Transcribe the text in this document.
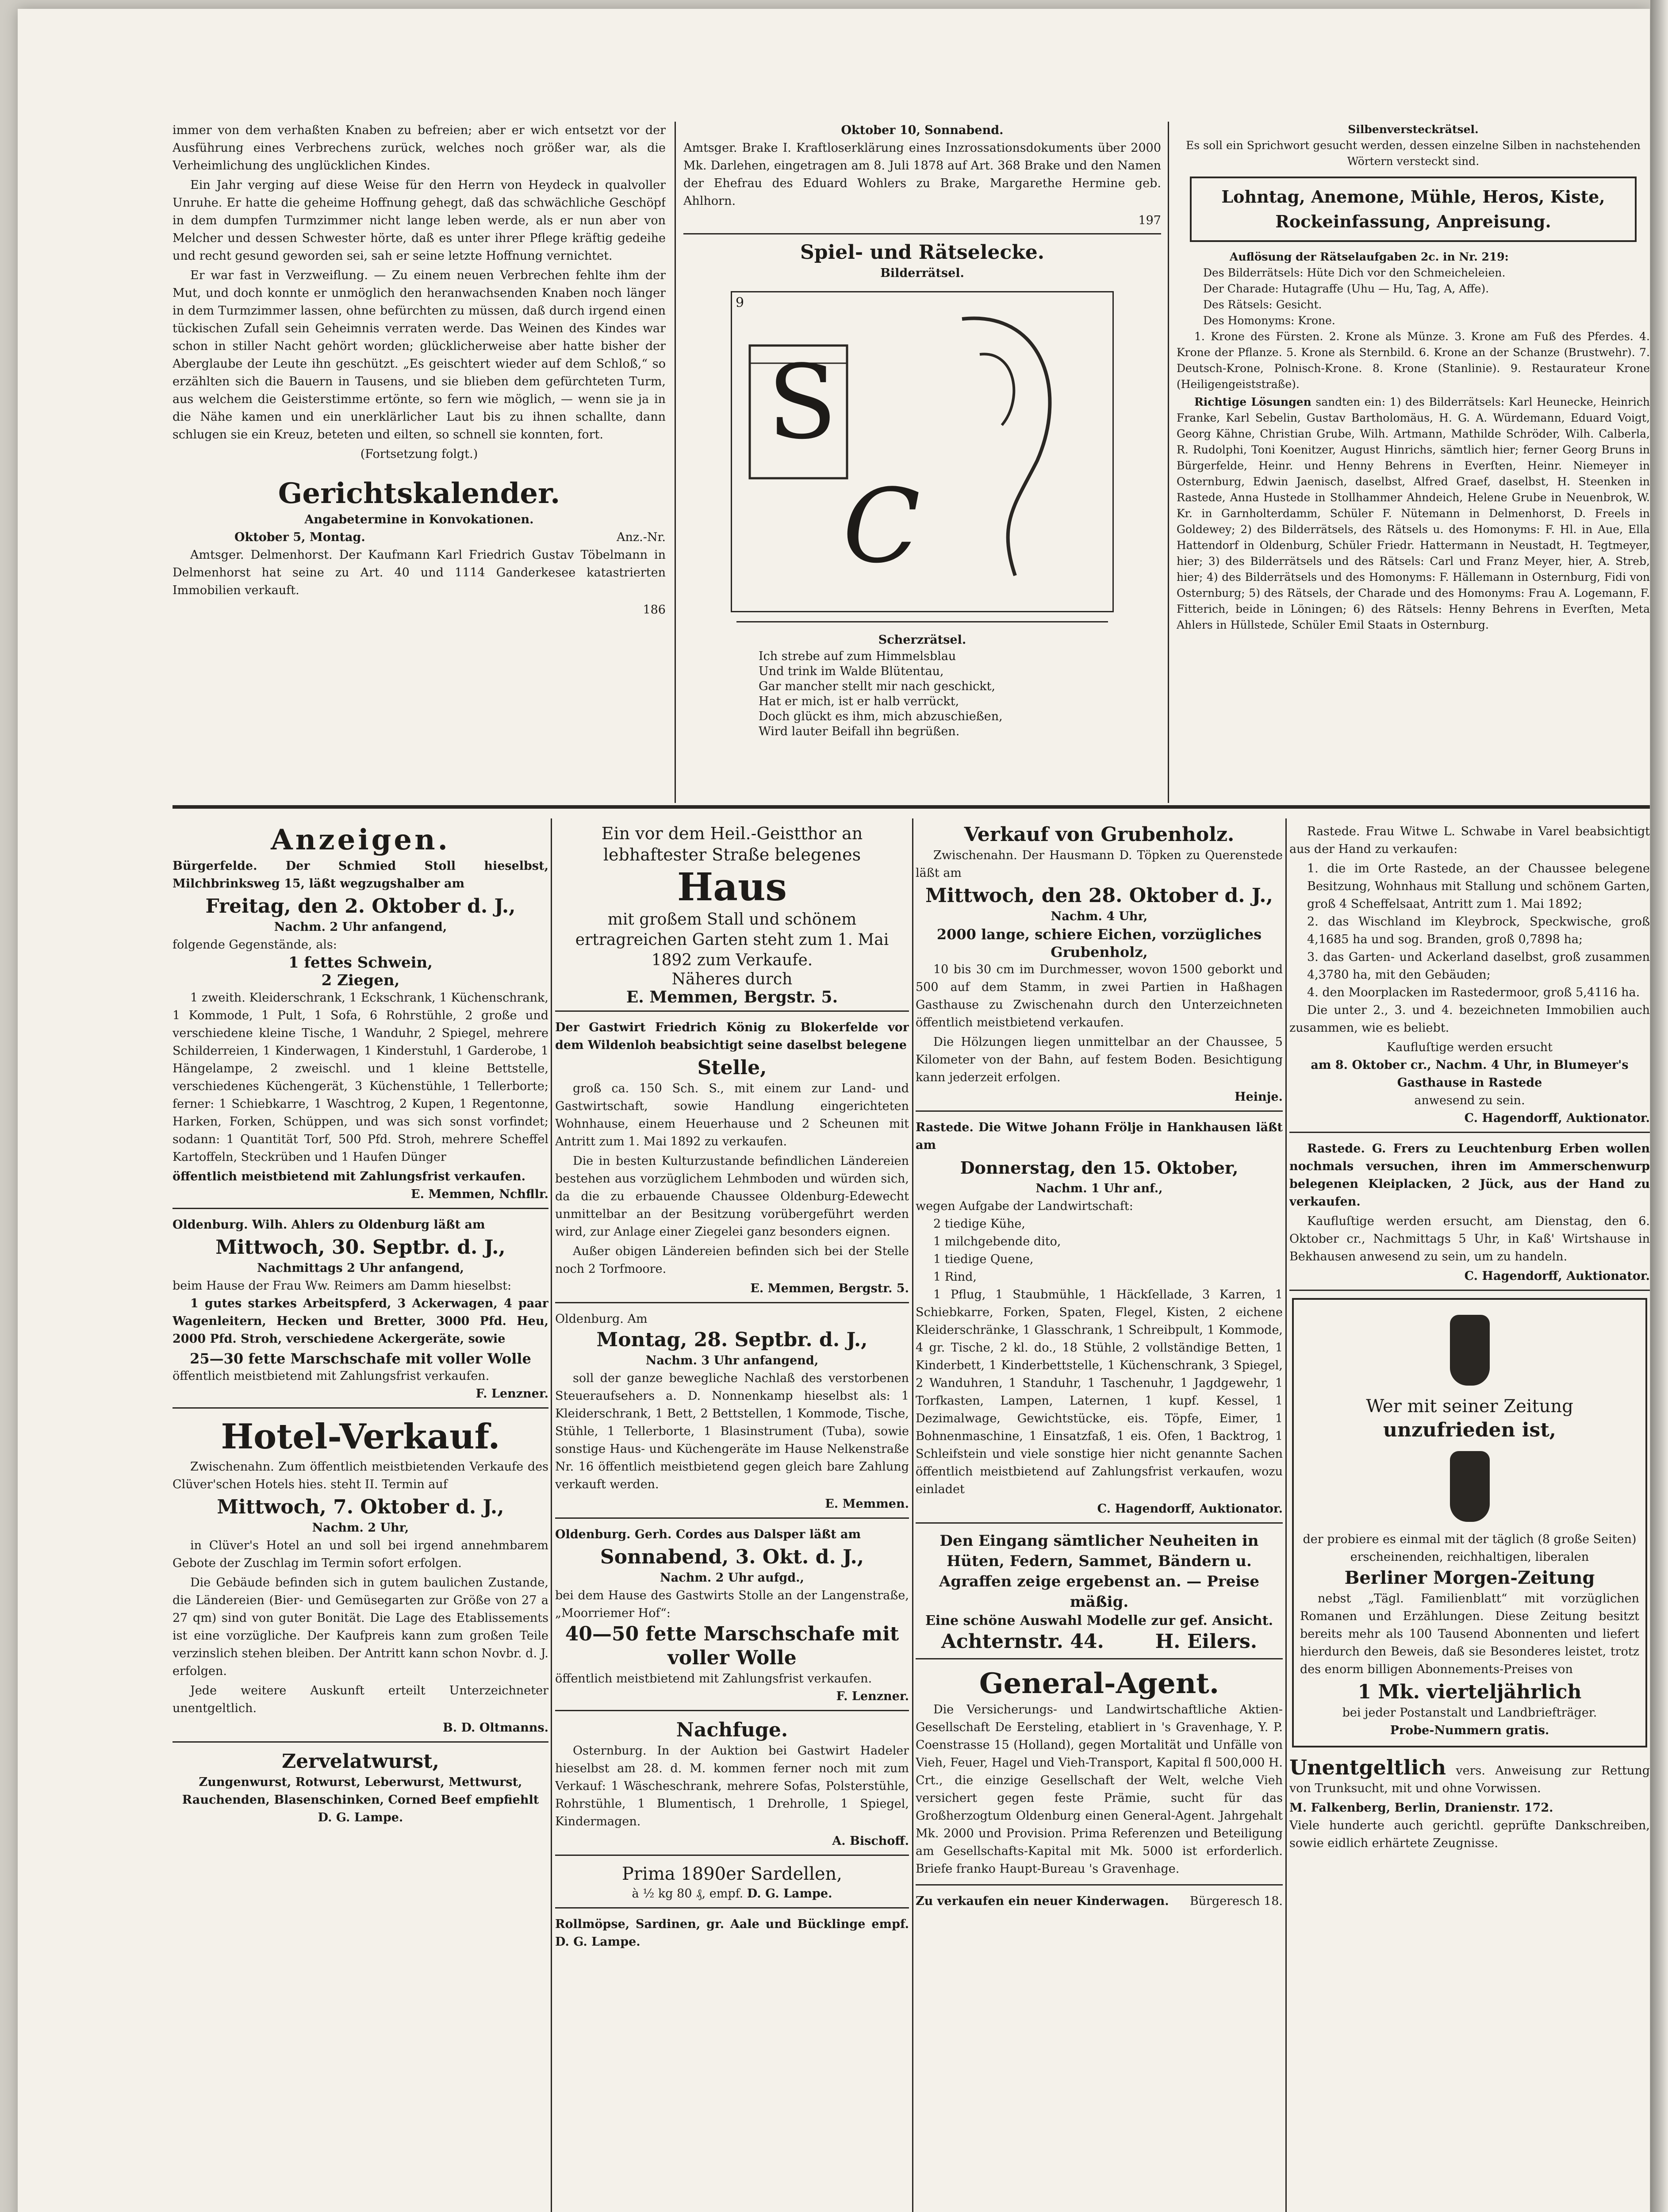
immer von dem verhaßten Knaben zu befreien; aber er wich entsetzt vor der Ausführung eines Verbrechens zurück, welches noch größer war, als die Verheimlichung des unglücklichen Kindes.

Ein Jahr verging auf diese Weise für den Herrn von Heydeck in qualvoller Unruhe. Er hatte die geheime Hoffnung gehegt, daß das schwächliche Geschöpf in dem dumpfen Turmzimmer nicht lange leben werde, als er nun aber von Melcher und dessen Schwester hörte, daß es unter ihrer Pflege kräftig gedeihe und recht gesund geworden sei, sah er seine letzte Hoffnung vernichtet.

Er war fast in Verzweiflung. — Zu einem neuen Verbrechen fehlte ihm der Mut, und doch konnte er unmöglich den heranwachsenden Knaben noch länger in dem Turmzimmer lassen, ohne befürchten zu müssen, daß durch irgend einen tückischen Zufall sein Geheimnis verraten werde. Das Weinen des Kindes war schon in stiller Nacht gehört worden; glücklicherweise aber hatte bisher der Aberglaube der Leute ihn geschützt. „Es geischtert wieder auf dem Schloß,“ so erzählten sich die Bauern in Tausens, und sie blieben dem gefürchteten Turm, aus welchem die Geisterstimme ertönte, so fern wie möglich, — wenn sie ja in die Nähe kamen und ein unerklärlicher Laut bis zu ihnen schallte, dann schlugen sie ein Kreuz, beteten und eilten, so schnell sie konnten, fort.

(Fortsetzung folgt.)
Gerichtskalender.
Angabetermine in Konvokationen.
Oktober 5, Montag.	Anz.-Nr.

Amtsger. Delmenhorst. Der Kaufmann Karl Friedrich Gustav Töbelmann in Delmenhorst hat seine zu Art. 40 und 1114 Ganderkesee katastrierten Immobilien verkauft.

186
Oktober 10, Sonnabend.

Amtsger. Brake I. Kraftloserklärung eines Inzrossationsdokuments über 2000 Mk. Darlehen, eingetragen am 8. Juli 1878 auf Art. 368 Brake und den Namen der Ehefrau des Eduard Wohlers zu Brake, Margarethe Hermine geb. Ahlhorn.

197
Spiel- und Rätselecke.
Bilderrätsel.
9
S
C
Scherzrätsel.
Ich strebe auf zum Himmelsblau
Und trink im Walde Blütentau,
Gar mancher stellt mir nach geschickt,
Hat er mich, ist er halb verrückt,
Doch glückt es ihm, mich abzuschießen,
Wird lauter Beifall ihn begrüßen.
Silbenversteckrätsel.
Es soll ein Sprichwort gesucht werden, dessen einzelne Silben in nachstehenden Wörtern versteckt sind.
Lohntag, Anemone, Mühle, Heros, Kiste, Rockeinfassung, Anpreisung.
Auflösung der Rätselaufgaben 2c. in Nr. 219:
Des Bilderrätsels: Hüte Dich vor den Schmeicheleien.
Der Charade: Hutagraffe (Uhu — Hu, Tag, A, Affe).
Des Rätsels: Gesicht.
Des Homonyms: Krone.

1. Krone des Fürsten. 2. Krone als Münze. 3. Krone am Fuß des Pferdes. 4. Krone der Pflanze. 5. Krone als Sternbild. 6. Krone an der Schanze (Brustwehr). 7. Deutsch-Krone, Polnisch-Krone. 8. Krone (Stanlinie). 9. Restaurateur Krone (Heiligengeiststraße).

Richtige Lösungen sandten ein: 1) des Bilderrätsels: Karl Heunecke, Heinrich Franke, Karl Sebelin, Gustav Bartholomäus, H. G. A. Würdemann, Eduard Voigt, Georg Kähne, Christian Grube, Wilh. Artmann, Mathilde Schröder, Wilh. Calberla, R. Rudolphi, Toni Koenitzer, August Hinrichs, sämtlich hier; ferner Georg Bruns in Bürgerfelde, Heinr. und Henny Behrens in Everſten, Heinr. Niemeyer in Osternburg, Edwin Jaenisch, daselbst, Alfred Graef, daselbst, H. Steenken in Rastede, Anna Hustede in Stollhammer Ahndeich, Helene Grube in Neuenbrok, W. Kr. in Garnholterdamm, Schüler F. Nütemann in Delmenhorst, D. Freels in Goldewey; 2) des Bilderrätsels, des Rätsels u. des Homonyms: F. Hl. in Aue, Ella Hattendorf in Oldenburg, Schüler Friedr. Hattermann in Neustadt, H. Tegtmeyer, hier; 3) des Bilderrätsels und des Rätsels: Carl und Franz Meyer, hier, A. Streb, hier; 4) des Bilderrätsels und des Homonyms: F. Hällemann in Osternburg, Fidi von Osternburg; 5) des Rätsels, der Charade und des Homonyms: Frau A. Logemann, F. Fitterich, beide in Löningen; 6) des Rätsels: Henny Behrens in Everſten, Meta Ahlers in Hüllstede, Schüler Emil Staats in Osternburg.

Anzeigen.

Bürgerfelde. Der Schmied Stoll hieselbst, Milchbrinksweg 15, läßt wegzugshalber am

Freitag, den 2. Oktober d. J.,
Nachm. 2 Uhr anfangend,
folgende Gegenstände, als:
1 fettes Schwein,
2 Ziegen,

1 zweith. Kleiderschrank, 1 Eckschrank, 1 Küchenschrank, 1 Kommode, 1 Pult, 1 Sofa, 6 Rohrstühle, 2 große und verschiedene kleine Tische, 1 Wanduhr, 2 Spiegel, mehrere Schilderreien, 1 Kinderwagen, 1 Kinderstuhl, 1 Garderobe, 1 Hängelampe, 2 zweischl. und 1 kleine Bettstelle, verschiedenes Küchengerät, 3 Küchenstühle, 1 Tellerborte; ferner: 1 Schiebkarre, 1 Waschtrog, 2 Kupen, 1 Regentonne, Harken, Forken, Schüppen, und was sich sonst vorfindet; sodann: 1 Quantität Torf, 500 Pfd. Stroh, mehrere Scheffel Kartoffeln, Steckrüben und 1 Haufen Dünger

öffentlich meistbietend mit Zahlungsfrist verkaufen.
E. Memmen, Nchfllr.

Oldenburg. Wilh. Ahlers zu Oldenburg läßt am

Mittwoch, 30. Septbr. d. J.,
Nachmittags 2 Uhr anfangend,
beim Hause der Frau Ww. Reimers am Damm hieselbst:

1 gutes starkes Arbeitspferd, 3 Ackerwagen, 4 paar Wagenleitern, Hecken und Bretter, 3000 Pfd. Heu, 2000 Pfd. Stroh, verschiedene Ackergeräte, sowie

25—30 fette Marschschafe mit voller Wolle
öffentlich meistbietend mit Zahlungsfrist verkaufen.
F. Lenzner.
Hotel-Verkauf.

Zwischenahn. Zum öffentlich meistbietenden Verkaufe des Clüver'schen Hotels hies. steht II. Termin auf

Mittwoch, 7. Oktober d. J.,
Nachm. 2 Uhr,

in Clüver's Hotel an und soll bei irgend annehmbarem Gebote der Zuschlag im Termin sofort erfolgen.

Die Gebäude befinden sich in gutem baulichen Zustande, die Ländereien (Bier- und Gemüsegarten zur Größe von 27 a 27 qm) sind von guter Bonität. Die Lage des Etablissements ist eine vorzügliche. Der Kaufpreis kann zum großen Teile verzinslich stehen bleiben. Der Antritt kann schon Novbr. d. J. erfolgen.

Jede weitere Auskunft erteilt Unterzeichneter unentgeltlich.

B. D. Oltmanns.
Zervelatwurst,
Zungenwurst, Rotwurst, Leberwurst, Mettwurst, Rauchenden, Blasenschinken, Corned Beef empfiehlt
D. G. Lampe.
Ein vor dem Heil.-Geistthor an lebhaftester Straße belegenes
Haus
mit großem Stall und schönem ertragreichen Garten steht zum 1. Mai 1892 zum Verkaufe.
Näheres durch
E. Memmen, Bergstr. 5.

Der Gastwirt Friedrich König zu Blokerfelde vor dem Wildenloh beabsichtigt seine daselbst belegene

Stelle,

groß ca. 150 Sch. S., mit einem zur Land- und Gastwirtschaft, sowie Handlung eingerichteten Wohnhause, einem Heuerhause und 2 Scheunen mit Antritt zum 1. Mai 1892 zu verkaufen.

Die in besten Kulturzustande befindlichen Ländereien bestehen aus vorzüglichem Lehmboden und würden sich, da die zu erbauende Chaussee Oldenburg-Edewecht unmittelbar an der Besitzung vorübergeführt werden wird, zur Anlage einer Ziegelei ganz besonders eignen.

Außer obigen Ländereien befinden sich bei der Stelle noch 2 Torfmoore.

E. Memmen, Bergstr. 5.
Oldenburg. Am
Montag, 28. Septbr. d. J.,
Nachm. 3 Uhr anfangend,

soll der ganze bewegliche Nachlaß des verstorbenen Steueraufsehers a. D. Nonnenkamp hieselbst als: 1 Kleiderschrank, 1 Bett, 2 Bettstellen, 1 Kommode, Tische, Stühle, 1 Tellerborte, 1 Blasinstrument (Tuba), sowie sonstige Haus- und Küchengeräte im Hause Nelkenstraße Nr. 16 öffentlich meistbietend gegen gleich bare Zahlung verkauft werden.

E. Memmen.

Oldenburg. Gerh. Cordes aus Dalsper läßt am

Sonnabend, 3. Okt. d. J.,
Nachm. 2 Uhr aufgd.,
bei dem Hause des Gastwirts Stolle an der Langenstraße, „Moorriemer Hof“:
40—50 fette Marschschafe mit voller Wolle
öffentlich meistbietend mit Zahlungsfrist verkaufen.
F. Lenzner.
Nachfuge.

Osternburg. In der Auktion bei Gastwirt Hadeler hieselbst am 28. d. M. kommen ferner noch mit zum Verkauf: 1 Wäscheschrank, mehrere Sofas, Polsterstühle, Rohrstühle, 1 Blumentisch, 1 Drehrolle, 1 Spiegel, Kindermagen.

A. Bischoff.
Prima 1890er Sardellen,
à ½ kg 80 ₰, empf. D. G. Lampe.
Rollmöpse, Sardinen, gr. Aale und Bücklinge empf. D. G. Lampe.
Verkauf von Grubenholz.

Zwischenahn. Der Hausmann D. Töpken zu Querenstede läßt am

Mittwoch, den 28. Oktober d. J.,
Nachm. 4 Uhr,
2000 lange, schiere Eichen, vorzügliches Grubenholz,

10 bis 30 cm im Durchmesser, wovon 1500 geborkt und 500 auf dem Stamm, in zwei Partien in Haßhagen Gasthause zu Zwischenahn durch den Unterzeichneten öffentlich meistbietend verkaufen.

Die Hölzungen liegen unmittelbar an der Chaussee, 5 Kilometer von der Bahn, auf festem Boden. Besichtigung kann jederzeit erfolgen.

Heinje.

Rastede. Die Witwe Johann Frölje in Hankhausen läßt am

Donnerstag, den 15. Oktober,
Nachm. 1 Uhr anf.,
wegen Aufgabe der Landwirtschaft:
2 tiedige Kühe,
1 milchgebende dito,
1 tiedige Quene,
1 Rind,

1 Pflug, 1 Staubmühle, 1 Häckſellade, 3 Karren, 1 Schiebkarre, Forken, Spaten, Flegel, Kisten, 2 eichene Kleiderschränke, 1 Glasschrank, 1 Schreibpult, 1 Kommode, 4 gr. Tische, 2 kl. do., 18 Stühle, 2 vollständige Betten, 1 Kinderbett, 1 Kinderbettstelle, 1 Küchenschrank, 3 Spiegel, 2 Wanduhren, 1 Standuhr, 1 Taschenuhr, 1 Jagdgewehr, 1 Torfkasten, Lampen, Laternen, 1 kupf. Kessel, 1 Dezimalwage, Gewichtstücke, eis. Töpfe, Eimer, 1 Bohnenmaschine, 1 Einsatzfaß, 1 eis. Ofen, 1 Backtrog, 1 Schleifstein und viele sonstige hier nicht genannte Sachen öffentlich meistbietend auf Zahlungsfrist verkaufen, wozu einladet

C. Hagendorff, Auktionator.
Den Eingang sämtlicher Neuheiten in Hüten, Federn, Sammet, Bändern u. Agraffen zeige ergebenst an. — Preise mäßig.
Eine schöne Auswahl Modelle zur gef. Ansicht.
Achternstr. 44.	H. Eilers.
General-Agent.

Die Versicherungs- und Landwirtschaftliche Aktien-Gesellschaft De Eersteling, etabliert in 's Gravenhage, Y. P. Coenstrasse 15 (Holland), gegen Mortalität und Unfälle von Vieh, Feuer, Hagel und Vieh-Transport, Kapital fl 500,000 H. Crt., die einzige Gesellschaft der Welt, welche Vieh versichert gegen feste Prämie, sucht für das Großherzogtum Oldenburg einen General-Agent. Jahrgehalt Mk. 2000 und Provision. Prima Referenzen und Beteiligung am Gesellschafts-Kapital mit Mk. 5000 ist erforderlich. Briefe franko Haupt-Bureau 's Gravenhage.

Zu verkaufen ein neuer Kinderwagen. Bürgeresch 18.

Rastede. Frau Witwe L. Schwabe in Varel beabsichtigt aus der Hand zu verkaufen:

1. die im Orte Rastede, an der Chaussee belegene Besitzung, Wohnhaus mit Stallung und schönem Garten, groß 4 Scheffelsaat, Antritt zum 1. Mai 1892;
2. das Wischland im Kleybrock, Speckwische, groß 4,1685 ha und sog. Branden, groß 0,7898 ha;
3. das Garten- und Ackerland daselbst, groß zusammen 4,3780 ha, mit den Gebäuden;
4. den Moorplacken im Rastedermoor, groß 5,4116 ha.

Die unter 2., 3. und 4. bezeichneten Immobilien auch zusammen, wie es beliebt.

Kaufluſtige werden ersucht
am 8. Oktober cr., Nachm. 4 Uhr, in Blumeyer's Gasthause in Rastede
anwesend zu sein.
C. Hagendorff, Auktionator.

Rastede. G. Frers zu Leuchtenburg Erben wollen nochmals versuchen, ihren im Ammerschenwurp belegenen Kleiplacken, 2 Jück, aus der Hand zu verkaufen.

Kaufluſtige werden ersucht, am Dienstag, den 6. Oktober cr., Nachmittags 5 Uhr, in Kaß' Wirtshause in Bekhausen anwesend zu sein, um zu handeln.

C. Hagendorff, Auktionator.
Wer mit seiner Zeitung
unzufrieden ist,
der probiere es einmal mit der täglich (8 große Seiten) erscheinenden, reichhaltigen, liberalen
Berliner Morgen-Zeitung

nebst „Tägl. Familienblatt“ mit vorzüglichen Romanen und Erzählungen. Diese Zeitung besitzt bereits mehr als 100 Tausend Abonnenten und liefert hierdurch den Beweis, daß sie Besonderes leistet, trotz des enorm billigen Abonnements-Preises von

1 Mk. vierteljährlich
bei jeder Postanstalt und Landbriefträger.
Probe-Nummern gratis.

Unentgeltlich vers. Anweisung zur Rettung von Trunksucht, mit und ohne Vorwissen.

M. Falkenberg, Berlin, Dranienstr. 172.
Viele hunderte auch gerichtl. geprüfte Dankschreiben, sowie eidlich erhärtete Zeugnisse.
